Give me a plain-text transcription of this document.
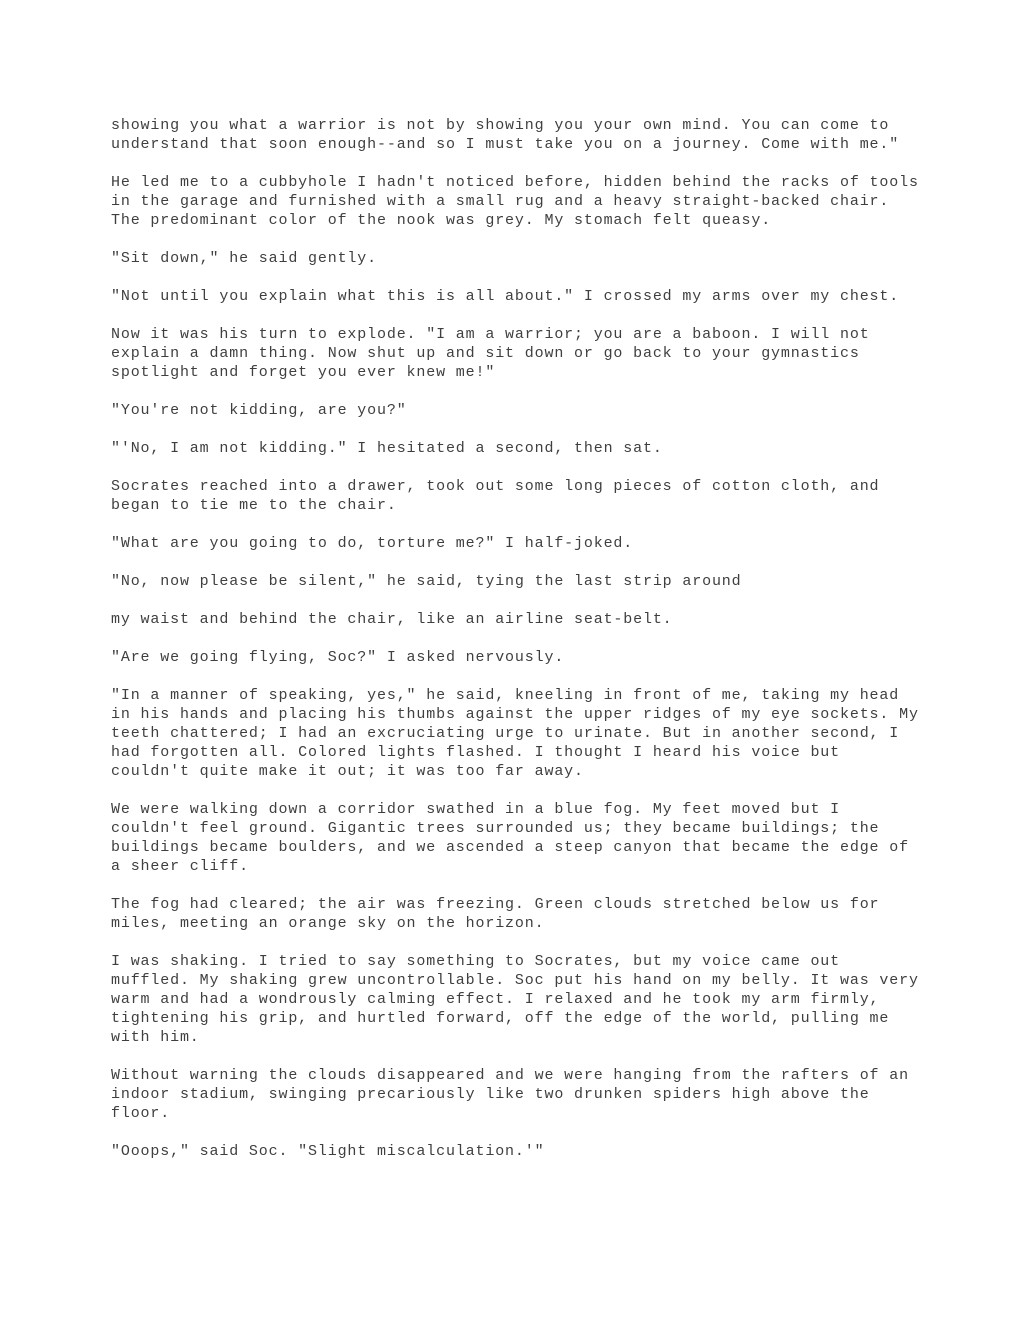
showing you what a warrior is not by showing you your own mind. You can come to understand that soon enough--and so I must take you on a journey. Come with me."

He led me to a cubbyhole I hadn't noticed before, hidden behind the racks of tools in the garage and furnished with a small rug and a heavy straight-backed chair. The predominant color of the nook was grey. My stomach felt queasy.

"Sit down," he said gently.

"Not until you explain what this is all about." I crossed my arms over my chest.

Now it was his turn to explode. "I am a warrior; you are a baboon. I will not explain a damn thing. Now shut up and sit down or go back to your gymnastics spotlight and forget you ever knew me!"

"You're not kidding, are you?"

"'No, I am not kidding." I hesitated a second, then sat.

Socrates reached into a drawer, took out some long pieces of cotton cloth, and began to tie me to the chair.

"What are you going to do, torture me?" I half-joked.

"No, now please be silent," he said, tying the last strip around

my waist and behind the chair, like an airline seat-belt.

"Are we going flying, Soc?" I asked nervously.

"In a manner of speaking, yes," he said, kneeling in front of me, taking my head in his hands and placing his thumbs against the upper ridges of my eye sockets. My teeth chattered; I had an excruciating urge to urinate. But in another second, I had forgotten all. Colored lights flashed. I thought I heard his voice but couldn't quite make it out; it was too far away.

We were walking down a corridor swathed in a blue fog. My feet moved but I couldn't feel ground. Gigantic trees surrounded us; they became buildings; the buildings became boulders, and we ascended a steep canyon that became the edge of a sheer cliff.

The fog had cleared; the air was freezing. Green clouds stretched below us for miles, meeting an orange sky on the horizon.

I was shaking. I tried to say something to Socrates, but my voice came out muffled. My shaking grew uncontrollable. Soc put his hand on my belly. It was very warm and had a wondrously calming effect. I relaxed and he took my arm firmly, tightening his grip, and hurtled forward, off the edge of the world, pulling me with him.

Without warning the clouds disappeared and we were hanging from the rafters of an indoor stadium, swinging precariously like two drunken spiders high above the floor.

"Ooops," said Soc. "Slight miscalculation.'"
